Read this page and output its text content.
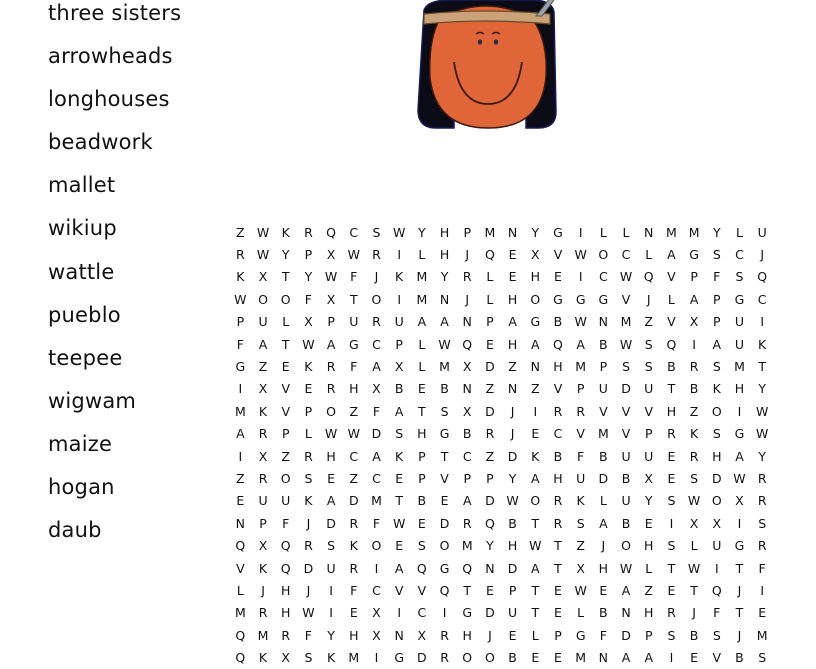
three sisters
arrowheads
longhouses
beadwork
mallet
wikiup
wattle
pueblo
teepee
wigwam
maize
hogan
daub
Z	W	K	R	Q	C	S	W	Y	H	P	M	N	Y	G	I	L	L	N	M	M	Y	L	U
R	W	Y	P	X	W	R	I	L	H	J	Q	E	X	V	W	O	C	L	A	G	S	C	J
K	X	T	Y	W	F	J	K	M	Y	R	L	E	H	E	I	C	W	Q	V	P	F	S	Q
W	O	O	F	X	T	O	I	M	N	J	L	H	O	G	G	G	V	J	L	A	P	G	C
P	U	L	X	P	U	R	U	A	A	N	P	A	G	B	W	N	M	Z	V	X	P	U	I
F	A	T	W	A	G	C	P	L	W	Q	E	H	A	Q	A	B	W	S	Q	I	A	U	K
G	Z	E	K	R	F	A	X	L	M	X	D	Z	N	H	M	P	S	S	B	R	S	M	T
I	X	V	E	R	H	X	B	E	B	N	Z	N	Z	V	P	U	D	U	T	B	K	H	Y
M	K	V	P	O	Z	F	A	T	S	X	D	J	I	R	R	V	V	V	H	Z	O	I	W
A	R	P	L	W	W	D	S	H	G	B	R	J	E	C	V	M	V	P	R	K	S	G	W
I	X	Z	R	H	C	A	K	P	T	C	Z	D	K	B	F	B	U	U	E	R	H	A	Y
Z	R	O	S	E	Z	C	E	P	V	P	P	Y	A	H	U	D	B	X	E	S	D	W	R
E	U	U	K	A	D	M	T	B	E	A	D	W	O	R	K	L	U	Y	S	W	O	X	R
N	P	F	J	D	R	F	W	E	D	R	Q	B	T	R	S	A	B	E	I	X	X	I	S
Q	X	Q	R	S	K	O	E	S	O	M	Y	H	W	T	Z	J	O	H	S	L	U	G	R
V	K	Q	D	U	R	I	A	Q	G	Q	N	D	A	T	X	H	W	L	T	W	I	T	F
L	J	H	J	I	F	C	V	V	Q	T	E	P	T	E	W	E	A	Z	E	T	Q	J	I
M	R	H	W	I	E	X	I	C	I	G	D	U	T	E	L	B	N	H	R	J	F	T	E
Q	M	R	F	Y	H	X	N	X	R	H	J	E	L	P	G	F	D	P	S	B	S	J	M
Q	K	X	S	K	M	I	G	D	R	O	O	B	E	E	M	N	A	A	I	E	V	B	S
